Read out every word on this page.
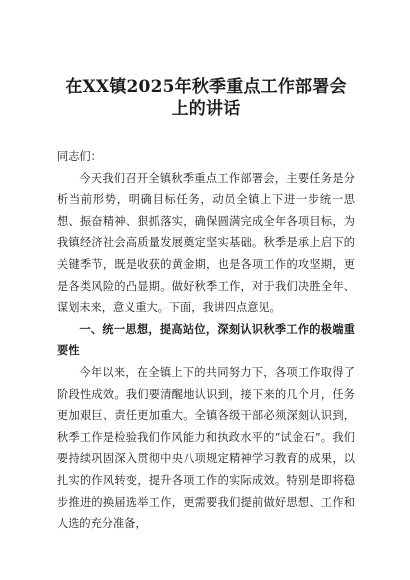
在XX镇2025年秋季重点工作部署会上的讲话

同志们：

今天我们召开全镇秋季重点工作部署会，主要任务是分析当前形势，明确目标任务，动员全镇上下进一步统一思想、振奋精神、狠抓落实，确保圆满完成全年各项目标，为我镇经济社会高质量发展奠定坚实基础。秋季是承上启下的关键季节，既是收获的黄金期，也是各项工作的攻坚期，更是各类风险的凸显期。做好秋季工作，对于我们决胜全年、谋划未来，意义重大。下面，我讲四点意见。

一、统一思想，提高站位，深刻认识秋季工作的极端重要性

今年以来，在全镇上下的共同努力下，各项工作取得了阶段性成效。我们要清醒地认识到，接下来的几个月，任务更加艰巨、责任更加重大。全镇各级干部必须深刻认识到，秋季工作是检验我们作风能力和执政水平的“试金石”。我们要持续巩固深入贯彻中央八项规定精神学习教育的成果，以扎实的作风转变，提升各项工作的实际成效。特别是即将稳步推进的换届选举工作，更需要我们提前做好思想、工作和人选的充分准备，
